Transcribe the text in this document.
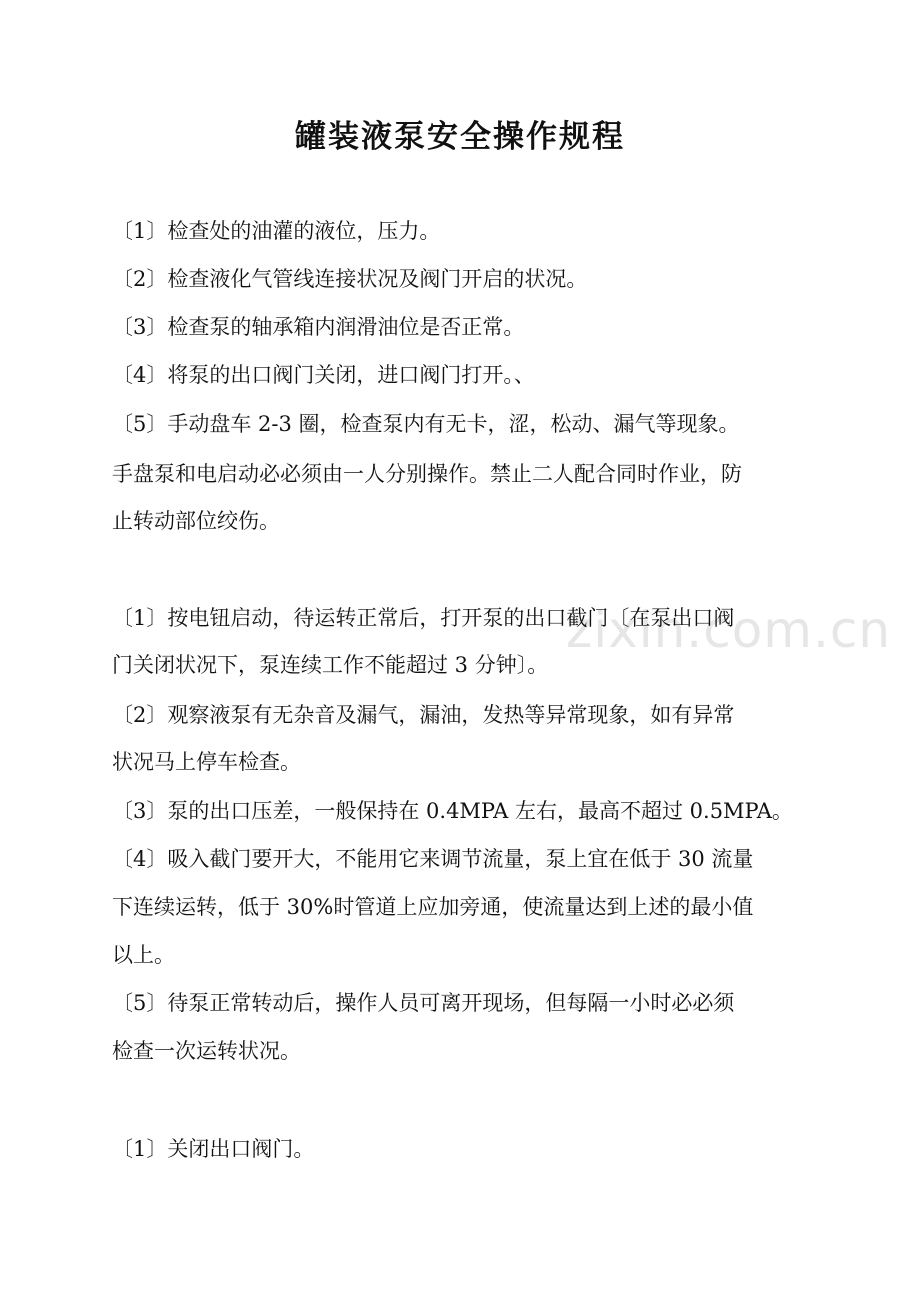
zixin.com.cn
罐装液泵安全操作规程
〔1〕检查处的油灌的液位，压力。
〔2〕检查液化气管线连接状况及阀门开启的状况。
〔3〕检查泵的轴承箱内润滑油位是否正常。
〔4〕将泵的出口阀门关闭，进口阀门打开。、
〔5〕手动盘车 2-3 圈，检查泵内有无卡，涩，松动、漏气等现象。
手盘泵和电启动必必须由一人分别操作。禁止二人配合同时作业，防
止转动部位绞伤。
〔1〕按电钮启动，待运转正常后，打开泵的出口截门〔在泵出口阀
门关闭状况下，泵连续工作不能超过 3 分钟〕。
〔2〕观察液泵有无杂音及漏气，漏油，发热等异常现象，如有异常
状况马上停车检查。
〔3〕泵的出口压差，一般保持在 0.4MPA 左右，最高不超过 0.5MPA。
〔4〕吸入截门要开大，不能用它来调节流量，泵上宜在低于 30 流量
下连续运转，低于 30%时管道上应加旁通，使流量达到上述的最小值
以上。
〔5〕待泵正常转动后，操作人员可离开现场，但每隔一小时必必须
检查一次运转状况。
〔1〕关闭出口阀门。
